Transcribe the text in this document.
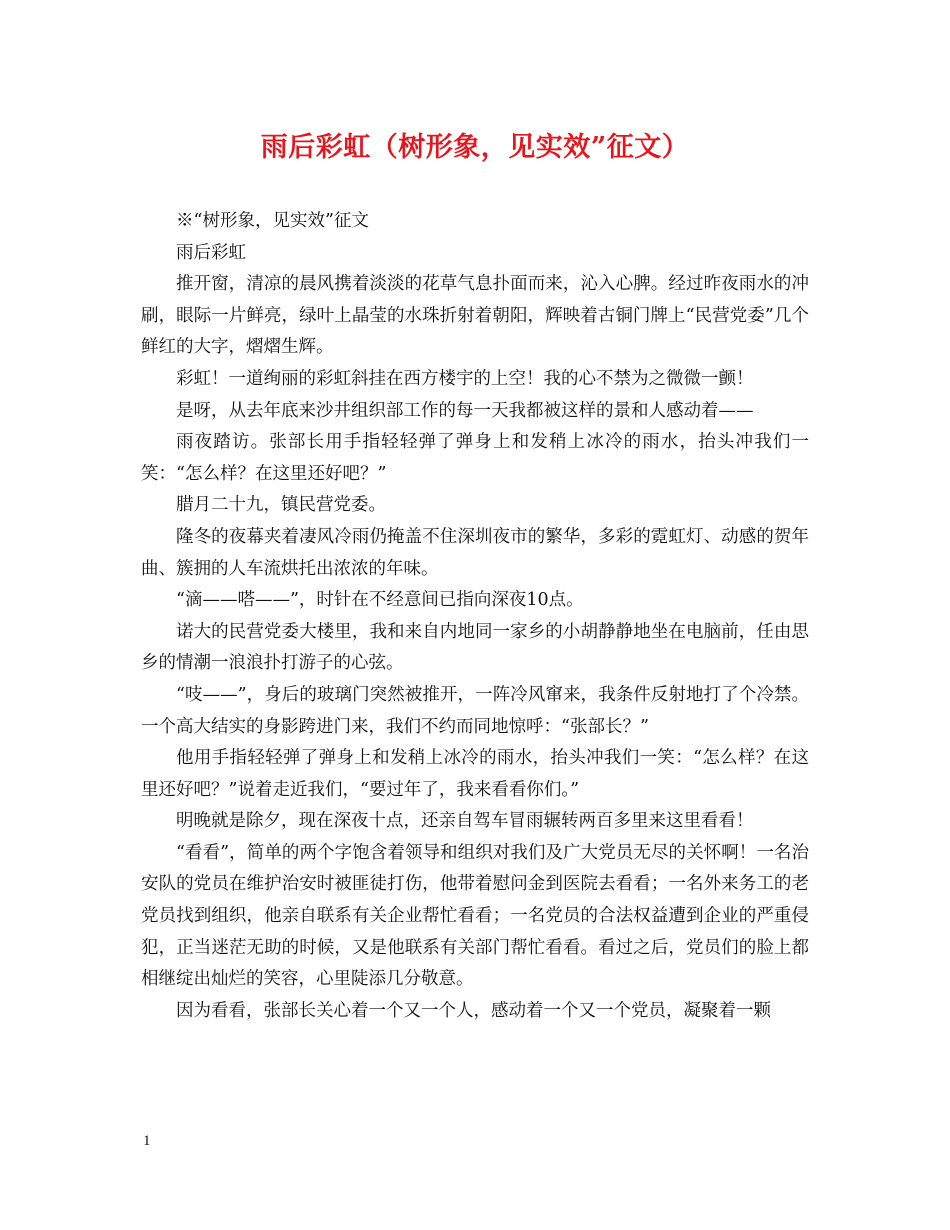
雨后彩虹（树形象，见实效”征文）

※“树形象，见实效”征文

雨后彩虹

推开窗，清凉的晨风携着淡淡的花草气息扑面而来，沁入心脾。经过昨夜雨水的冲刷，眼际一片鲜亮，绿叶上晶莹的水珠折射着朝阳，辉映着古铜门牌上“民营党委”几个鲜红的大字，熠熠生辉。

彩虹！一道绚丽的彩虹斜挂在西方楼宇的上空！我的心不禁为之微微一颤！

是呀，从去年底来沙井组织部工作的每一天我都被这样的景和人感动着——

雨夜踏访。张部长用手指轻轻弹了弹身上和发稍上冰冷的雨水，抬头冲我们一笑：“怎么样？在这里还好吧？”

腊月二十九，镇民营党委。

隆冬的夜幕夹着凄风冷雨仍掩盖不住深圳夜市的繁华，多彩的霓虹灯、动感的贺年曲、簇拥的人车流烘托出浓浓的年味。

“滴——嗒——”，时针在不经意间已指向深夜10点。

诺大的民营党委大楼里，我和来自内地同一家乡的小胡静静地坐在电脑前，任由思乡的情潮一浪浪扑打游子的心弦。

“吱——”，身后的玻璃门突然被推开，一阵冷风窜来，我条件反射地打了个冷禁。一个高大结实的身影跨进门来，我们不约而同地惊呼：“张部长？”

他用手指轻轻弹了弹身上和发稍上冰冷的雨水，抬头冲我们一笑：“怎么样？在这里还好吧？”说着走近我们，“要过年了，我来看看你们。”

明晚就是除夕，现在深夜十点，还亲自驾车冒雨辗转两百多里来这里看看！

“看看”，简单的两个字饱含着领导和组织对我们及广大党员无尽的关怀啊！一名治安队的党员在维护治安时被匪徒打伤，他带着慰问金到医院去看看；一名外来务工的老党员找到组织，他亲自联系有关企业帮忙看看；一名党员的合法权益遭到企业的严重侵犯，正当迷茫无助的时候，又是他联系有关部门帮忙看看。看过之后，党员们的脸上都相继绽出灿烂的笑容，心里陡添几分敬意。

因为看看，张部长关心着一个又一个人，感动着一个又一个党员，凝聚着一颗

1
